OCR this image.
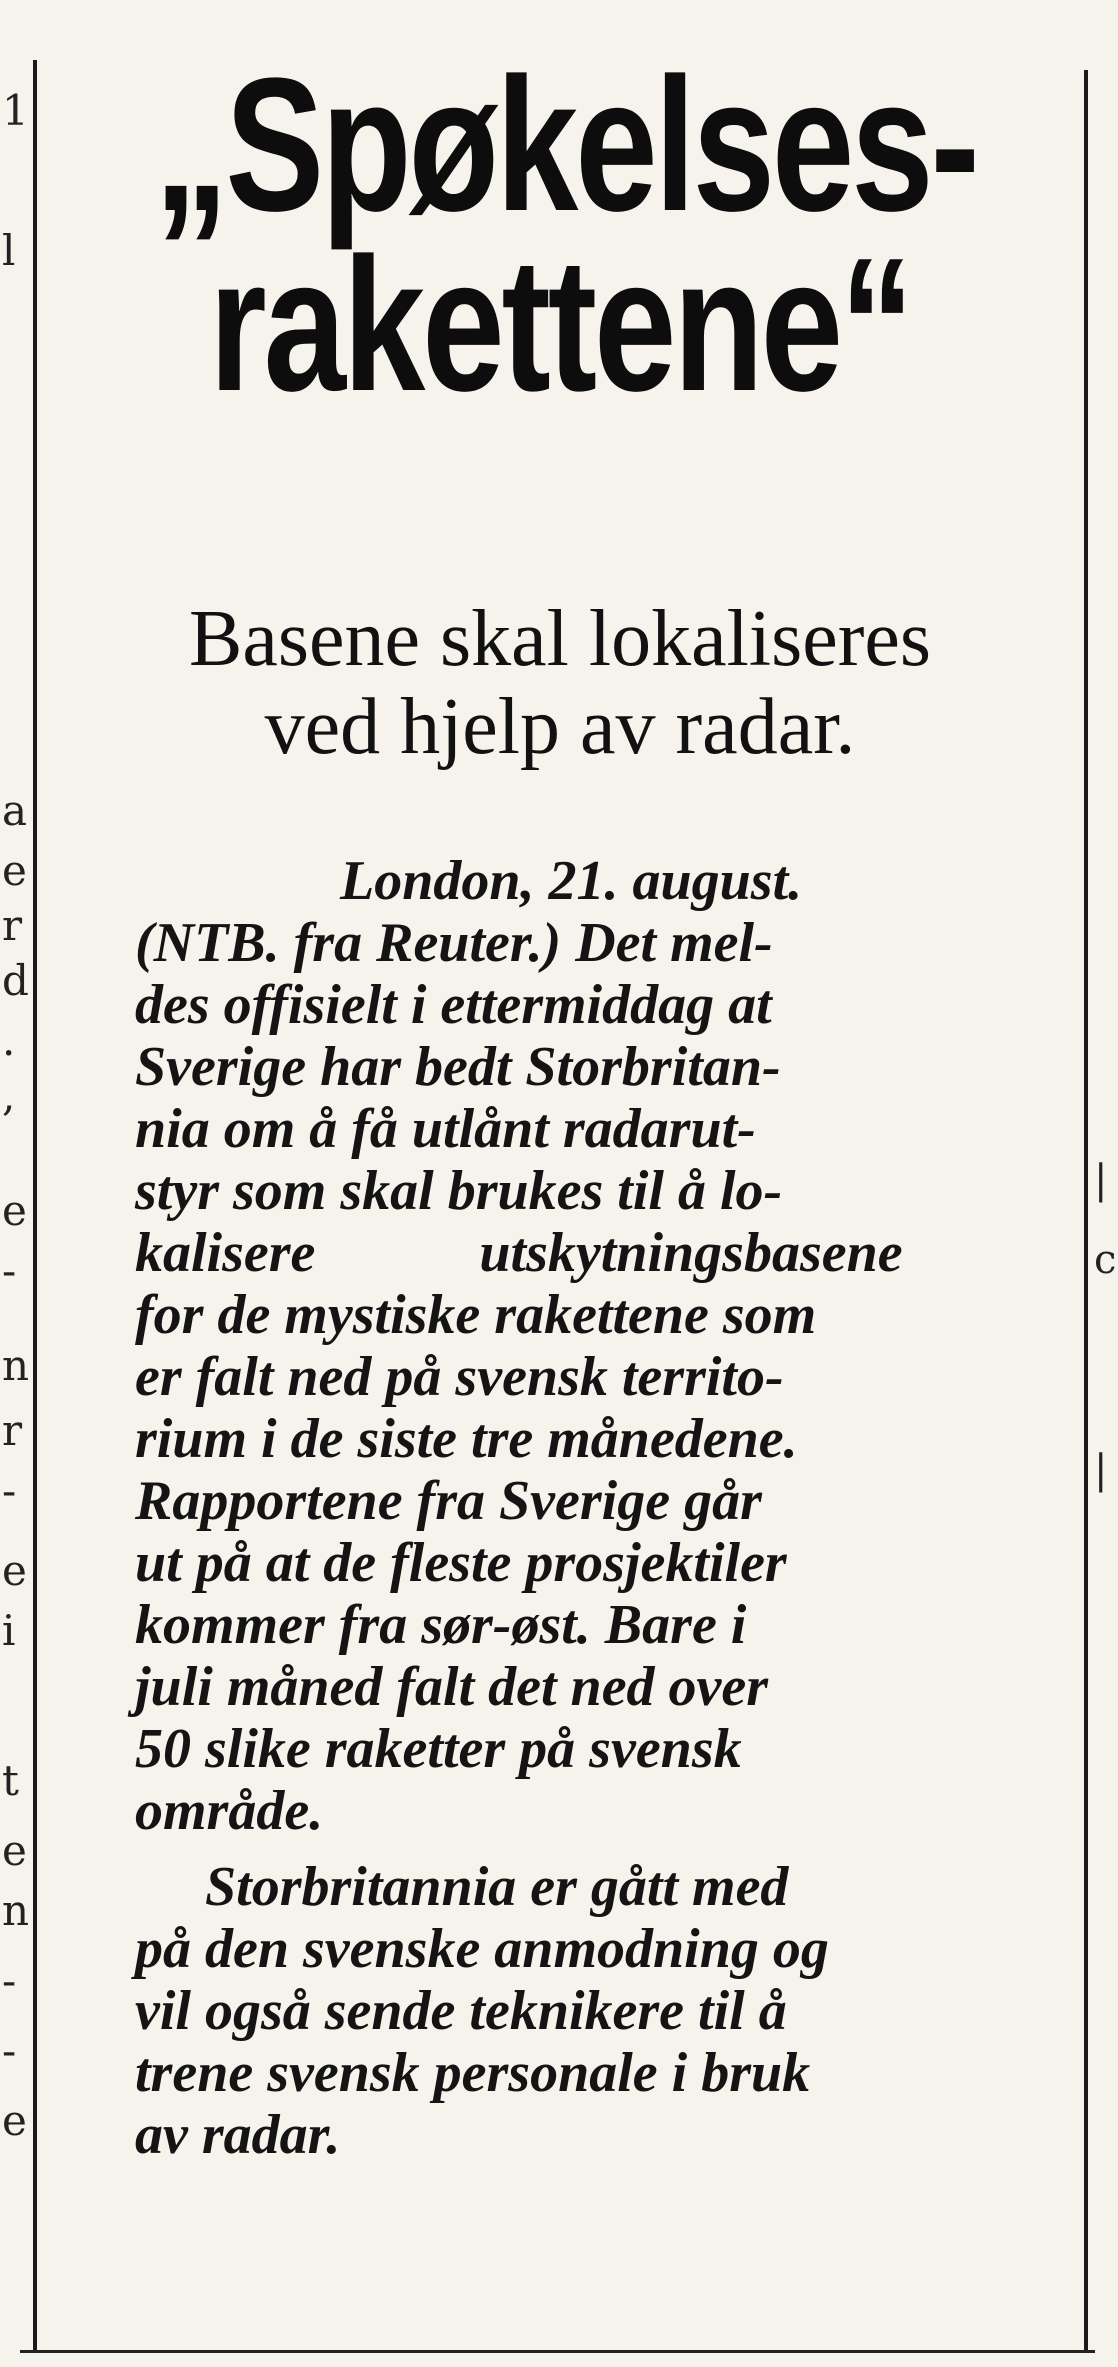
1
l
a
e
r
d
.
,
e
-
n
r
-
e
i
t
e
n
-
-
e
|
c
|
„Spøkelses-
rakettene“
Basene skal lokaliseres
ved hjelp av radar.
London, 21. august.
(NTB. fra Reuter.) Det mel-
des offisielt i ettermiddag at
Sverige har bedt Storbritan-
nia om å få utlånt radarut-
styr som skal brukes til å lo-
kalisere utskytningsbasene
for de mystiske rakettene som
er falt ned på svensk territo-
rium i de siste tre månedene.
Rapportene fra Sverige går
ut på at de fleste prosjektiler
kommer fra sør-øst. Bare i
juli måned falt det ned over
50 slike raketter på svensk
område.
Storbritannia er gått med
på den svenske anmodning og
vil også sende teknikere til å
trene svensk personale i bruk
av radar.
